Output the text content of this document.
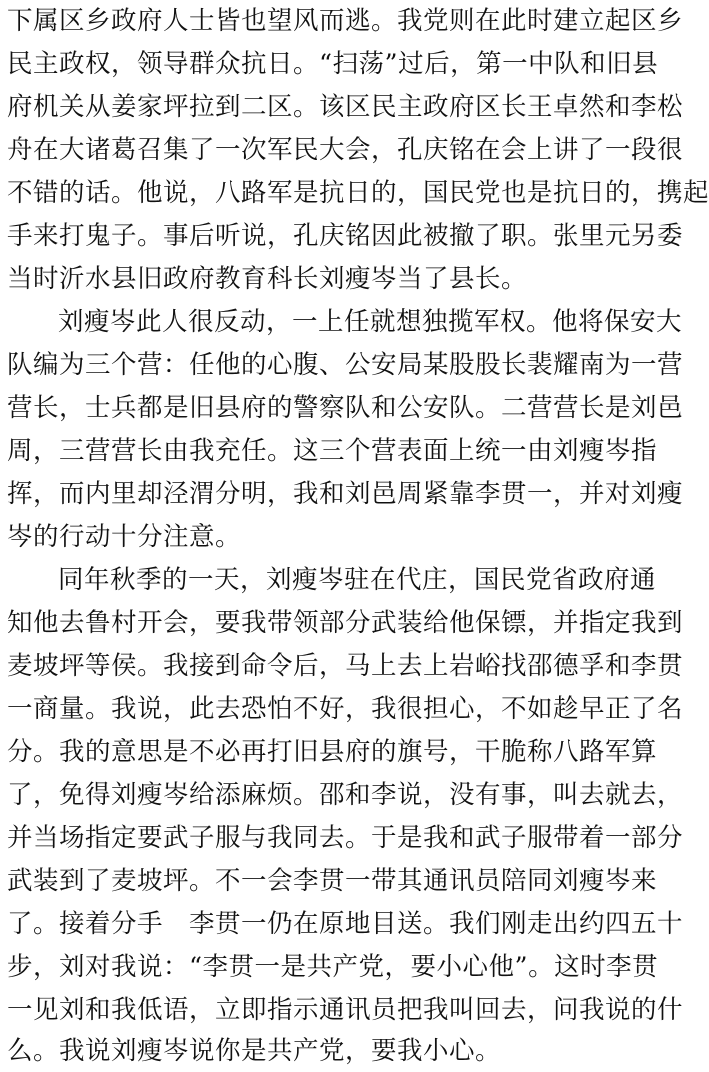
下属区乡政府人士皆也望风而逃。我党则在此时建立起区乡
民主政权，领导群众抗日。“扫荡”过后，第一中队和旧县
府机关从姜家坪拉到二区。该区民主政府区长王卓然和李松
舟在大诸葛召集了一次军民大会，孔庆铭在会上讲了一段很
不错的话。他说，八路军是抗日的，国民党也是抗日的，携起
手来打鬼子。事后听说，孔庆铭因此被撤了职。张里元另委
当时沂水县旧政府教育科长刘瘦岑当了县长。
刘瘦岑此人很反动，一上任就想独揽军权。他将保安大
队编为三个营：任他的心腹、公安局某股股长裴耀南为一营
营长，士兵都是旧县府的警察队和公安队。二营营长是刘邑
周，三营营长由我充任。这三个营表面上统一由刘瘦岑指
挥，而内里却泾渭分明，我和刘邑周紧靠李贯一，并对刘瘦
岑的行动十分注意。
同年秋季的一天，刘瘦岑驻在代庄，国民党省政府通
知他去鲁村开会，要我带领部分武装给他保镖，并指定我到
麦坡坪等侯。我接到命令后，马上去上岩峪找邵德孚和李贯
一商量。我说，此去恐怕不好，我很担心，不如趁早正了名
分。我的意思是不必再打旧县府的旗号，干脆称八路军算
了，免得刘瘦岑给添麻烦。邵和李说，没有事，叫去就去，
并当场指定要武子服与我同去。于是我和武子服带着一部分
武装到了麦坡坪。不一会李贯一带其通讯员陪同刘瘦岑来
了。接着分手　李贯一仍在原地目送。我们刚走出约四五十
步，刘对我说：“李贯一是共产党，要小心他”。这时李贯
一见刘和我低语，立即指示通讯员把我叫回去，问我说的什
么。我说刘瘦岑说你是共产党，要我小心。
